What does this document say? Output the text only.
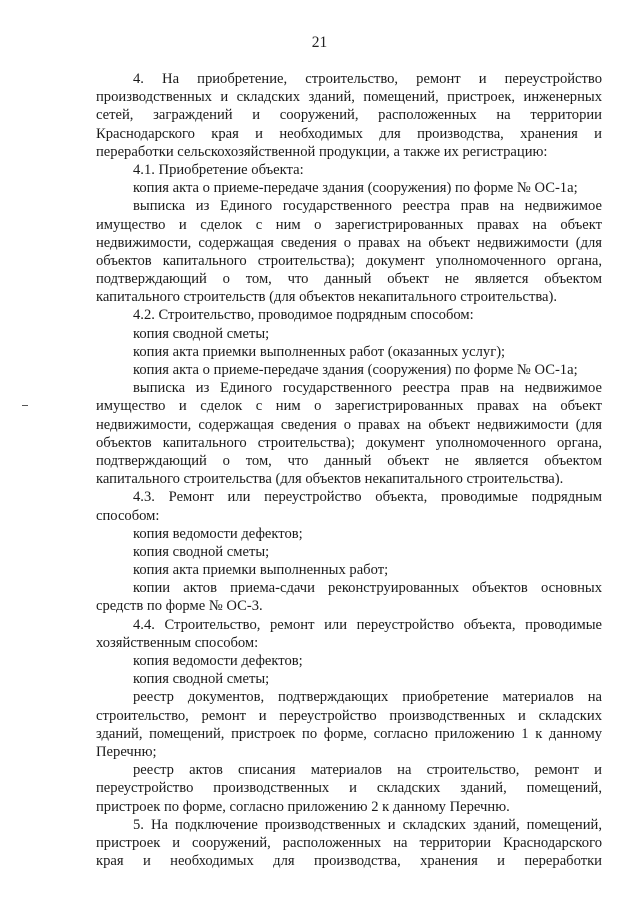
21
4. На приобретение, строительство, ремонт и переустройство
производственных и складских зданий, помещений, пристроек, инженерных
сетей, заграждений и сооружений, расположенных на территории
Краснодарского края и необходимых для производства, хранения и
переработки сельскохозяйственной продукции, а также их регистрацию:
4.1. Приобретение объекта:
копия акта о приеме-передаче здания (сооружения) по форме № ОС-1а;
выписка из Единого государственного реестра прав на недвижимое
имущество и сделок с ним о зарегистрированных правах на объект
недвижимости, содержащая сведения о правах на объект недвижимости (для
объектов капитального строительства); документ уполномоченного органа,
подтверждающий о том, что данный объект не является объектом
капитального строительств (для объектов некапитального строительства).
4.2. Строительство, проводимое подрядным способом:
копия сводной сметы;
копия акта приемки выполненных работ (оказанных услуг);
копия акта о приеме-передаче здания (сооружения) по форме № ОС-1а;
выписка из Единого государственного реестра прав на недвижимое
имущество и сделок с ним о зарегистрированных правах на объект
недвижимости, содержащая сведения о правах на объект недвижимости (для
объектов капитального строительства); документ уполномоченного органа,
подтверждающий о том, что данный объект не является объектом
капитального строительства (для объектов некапитального строительства).
4.3. Ремонт или переустройство объекта, проводимые подрядным
способом:
копия ведомости дефектов;
копия сводной сметы;
копия акта приемки выполненных работ;
копии актов приема-сдачи реконструированных объектов основных
средств по форме № ОС-3.
4.4. Строительство, ремонт или переустройство объекта, проводимые
хозяйственным способом:
копия ведомости дефектов;
копия сводной сметы;
реестр документов, подтверждающих приобретение материалов на
строительство, ремонт и переустройство производственных и складских
зданий, помещений, пристроек по форме, согласно приложению 1 к данному
Перечню;
реестр актов списания материалов на строительство, ремонт и
переустройство производственных и складских зданий, помещений,
пристроек по форме, согласно приложению 2 к данному Перечню.
5. На подключение производственных и складских зданий, помещений,
пристроек и сооружений, расположенных на территории Краснодарского
края и необходимых для производства, хранения и переработки
